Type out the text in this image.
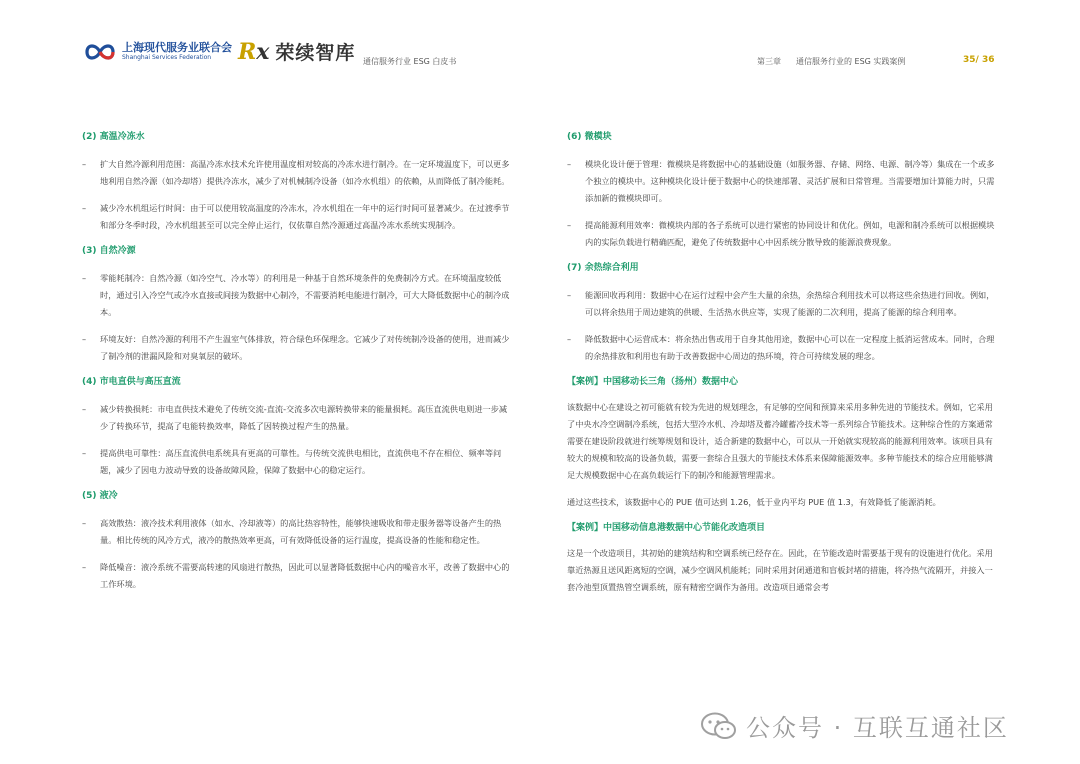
上海现代服务业联合会
Shanghai Services Federation	Rx 荣续智库 通信服务行业 ESG 白皮书	第三章 通信服务行业的 ESG 实践案例	35/ 36
(2) 高温冷冻水
– 扩大自然冷源利用范围：高温冷冻水技术允许使用温度相对较高的冷冻水进行制冷。在一定环境温度下，可以更多地利用自然冷源（如冷却塔）提供冷冻水，减少了对机械制冷设备（如冷水机组）的依赖，从而降低了制冷能耗。
– 减少冷水机组运行时间：由于可以使用较高温度的冷冻水，冷水机组在一年中的运行时间可显著减少。在过渡季节和部分冬季时段，冷水机组甚至可以完全停止运行，仅依靠自然冷源通过高温冷冻水系统实现制冷。
(3) 自然冷源
– 零能耗制冷：自然冷源（如冷空气、冷水等）的利用是一种基于自然环境条件的免费制冷方式。在环境温度较低时，通过引入冷空气或冷水直接或间接为数据中心制冷，不需要消耗电能进行制冷，可大大降低数据中心的制冷成本。
– 环境友好：自然冷源的利用不产生温室气体排放，符合绿色环保理念。它减少了对传统制冷设备的使用，进而减少了制冷剂的泄漏风险和对臭氧层的破坏。
(4) 市电直供与高压直流
– 减少转换损耗：市电直供技术避免了传统交流-直流-交流多次电源转换带来的能量损耗。高压直流供电则进一步减少了转换环节，提高了电能转换效率，降低了因转换过程产生的热量。
– 提高供电可靠性：高压直流供电系统具有更高的可靠性。与传统交流供电相比，直流供电不存在相位、频率等问题，减少了因电力波动导致的设备故障风险，保障了数据中心的稳定运行。
(5) 液冷
– 高效散热：液冷技术利用液体（如水、冷却液等）的高比热容特性，能够快速吸收和带走服务器等设备产生的热量。相比传统的风冷方式，液冷的散热效率更高，可有效降低设备的运行温度，提高设备的性能和稳定性。
– 降低噪音：液冷系统不需要高转速的风扇进行散热，因此可以显著降低数据中心内的噪音水平，改善了数据中心的工作环境。
(6) 微模块
– 模块化设计便于管理：微模块是将数据中心的基础设施（如服务器、存储、网络、电源、制冷等）集成在一个或多个独立的模块中。这种模块化设计便于数据中心的快速部署、灵活扩展和日常管理。当需要增加计算能力时，只需添加新的微模块即可。
– 提高能源利用效率：微模块内部的各子系统可以进行紧密的协同设计和优化。例如，电源和制冷系统可以根据模块内的实际负载进行精确匹配，避免了传统数据中心中因系统分散导致的能源浪费现象。
(7) 余热综合利用
– 能源回收再利用：数据中心在运行过程中会产生大量的余热，余热综合利用技术可以将这些余热进行回收。例如，可以将余热用于周边建筑的供暖、生活热水供应等，实现了能源的二次利用，提高了能源的综合利用率。
– 降低数据中心运营成本：将余热出售或用于自身其他用途，数据中心可以在一定程度上抵消运营成本。同时，合理的余热排放和利用也有助于改善数据中心周边的热环境，符合可持续发展的理念。
【案例】中国移动长三角（扬州）数据中心

该数据中心在建设之初可能就有较为先进的规划理念，有足够的空间和预算来采用多种先进的节能技术。例如，它采用了中央水冷空调制冷系统，包括大型冷水机、冷却塔及蓄冷罐蓄冷技术等一系列综合节能技术。这种综合性的方案通常需要在建设阶段就进行统筹规划和设计，适合新建的数据中心，可以从一开始就实现较高的能源利用效率。该项目具有较大的规模和较高的设备负载，需要一套综合且强大的节能技术体系来保障能源效率。多种节能技术的综合应用能够满足大规模数据中心在高负载运行下的制冷和能源管理需求。

通过这些技术，该数据中心的 PUE 值可达到 1.26，低于业内平均 PUE 值 1.3，有效降低了能源消耗。

【案例】中国移动信息港数据中心节能化改造项目

这是一个改造项目，其初始的建筑结构和空调系统已经存在。因此，在节能改造时需要基于现有的设施进行优化。采用靠近热源且送风距离短的空调，减少空调风机能耗；同时采用封闭通道和盲板封堵的措施，将冷热气流隔开，并接入一套冷池型顶置热管空调系统，原有精密空调作为备用。改造项目通常会考

公众号 · 互联互通社区
